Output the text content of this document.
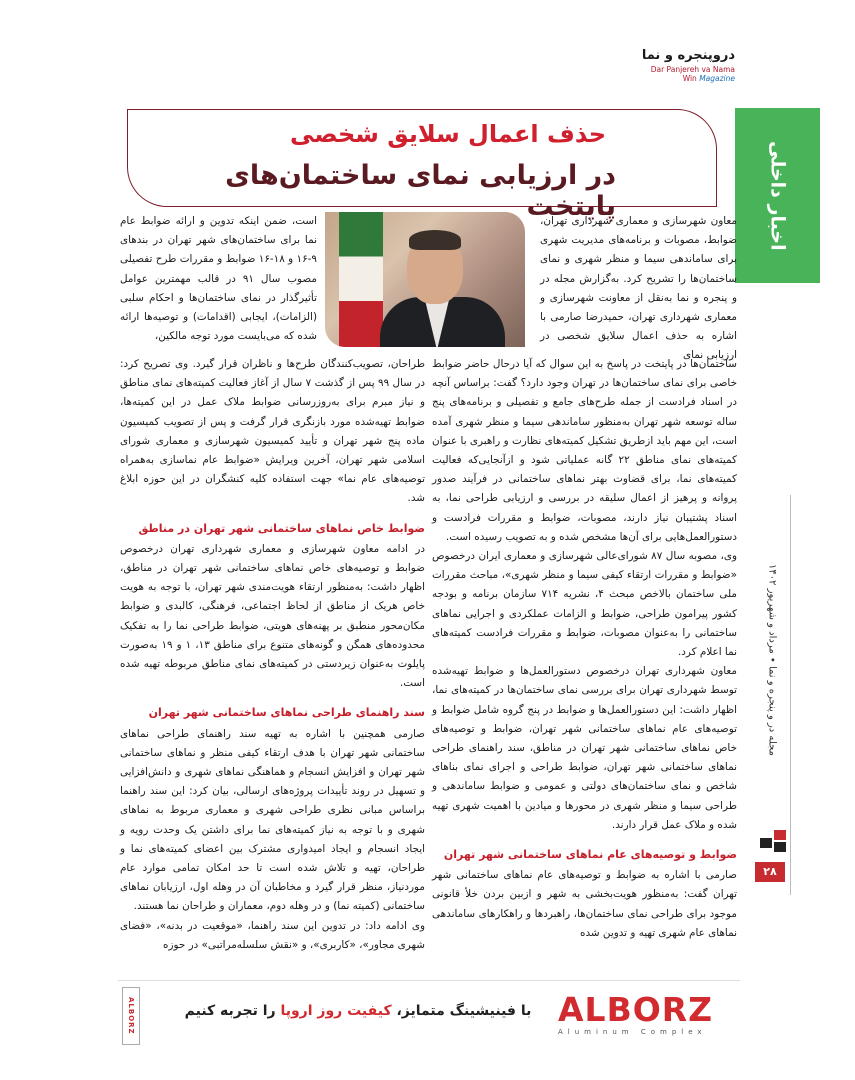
دروپنجره و نما
Dar Panjereh va Nama Win Magazine
اخبار داخلی
حذف اعمال سلایق شخصی
در ارزیابی نمای ساختمان‌های پایتخت

معاون شهرسازی و معماری شهرداری تهران، ضوابط، مصوبات و برنامه‌های مدیریت شهری برای ساماندهی سیما و منظر شهری و نمای ساختمان‌ها را تشریح کرد. به‌گزارش مجله در و پنجره و نما به‌نقل از معاونت شهرسازی و معماری شهرداری تهران، حمیدرضا صارمی با اشاره به حذف اعمال سلایق شخصی در ارزیابی نمای

ساختمان‌ها در پایتخت در پاسخ به این سوال که آیا درحال حاضر ضوابط خاصی برای نمای ساختمان‌ها در تهران وجود دارد؟ گفت: براساس آنچه در اسناد فرادست از جمله طرح‌های جامع و تفصیلی و برنامه‌های پنج ساله توسعه شهر تهران به‌منظور ساماندهی سیما و منظر شهری آمده است، این مهم باید ازطریق تشکیل کمیته‌های نظارت و راهبری با عنوان کمیته‌های نمای مناطق ۲۲ گانه عملیاتی شود و ازآنجایی‌که فعالیت کمیته‌های نما، برای قضاوت بهتر نماهای ساختمانی در فرآیند صدور پروانه و پرهیز از اعمال سلیقه در بررسی و ارزیابی طراحی نما، به اسناد پشتیبان نیاز دارند، مصوبات، ضوابط و مقررات فرادست و دستورالعمل‌هایی برای آن‌ها مشخص شده و به تصویب رسیده است.

وی، مصوبه سال ۸۷ شورای‌عالی شهرسازی و معماری ایران درخصوص «ضوابط و مقررات ارتقاء کیفی سیما و منظر شهری»، مباحث مقررات ملی ساختمان بالاخص مبحث ۴، نشریه ۷۱۴ سازمان برنامه و بودجه کشور پیرامون طراحی، ضوابط و الزامات عملکردی و اجرایی نماهای ساختمانی را به‌عنوان مصوبات، ضوابط و مقررات فرادست کمیته‌های نما اعلام کرد.

معاون شهرداری تهران درخصوص دستورالعمل‌ها و ضوابط تهیه‌شده توسط شهرداری تهران برای بررسی نمای ساختمان‌ها در کمیته‌های نما، اظهار داشت: این دستورالعمل‌ها و ضوابط در پنج گروه شامل ضوابط و توصیه‌های عام نماهای ساختمانی شهر تهران، ضوابط و توصیه‌های خاص نماهای ساختمانی شهر تهران در مناطق، سند راهنمای طراحی نماهای ساختمانی شهر تهران، ضوابط طراحی و اجرای نمای بناهای شاخص و نمای ساختمان‌های دولتی و عمومی و ضوابط ساماندهی و طراحی سیما و منظر شهری در محورها و میادین با اهمیت شهری تهیه شده و ملاک عمل قرار دارند.

ضوابط و توصیه‌های عام نماهای ساختمانی شهر تهران

صارمی با اشاره به ضوابط و توصیه‌های عام نماهای ساختمانی شهر تهران گفت: به‌منظور هویت‌بخشی به شهر و ازبین بردن خلأ قانونی موجود برای طراحی نمای ساختمان‌ها، راهبردها و راهکارهای ساماندهی نماهای عام شهری تهیه و تدوین شده

است، ضمن اینکه تدوین و ارائه ضوابط عام نما برای ساختمان‌های شهر تهران در بندهای ۹-۱۶ و ۱۸-۱۶ ضوابط و مقررات طرح تفصیلی مصوب سال ۹۱ در قالب مهمترین عوامل تأثیرگذار در نمای ساختمان‌ها و احکام سلبی (الزامات)، ایجابی (اقدامات) و توصیه‌ها ارائه شده که می‌بایست مورد توجه مالکین،

طراحان، تصویب‌کنندگان طرح‌ها و ناظران قرار گیرد. وی تصریح کرد: در سال ۹۹ پس از گذشت ۷ سال از آغاز فعالیت کمیته‌های نمای مناطق و نیاز مبرم برای به‌روزرسانی ضوابط ملاک عمل در این کمیته‌ها، ضوابط تهیه‌شده مورد بازنگری قرار گرفت و پس از تصویب کمیسیون ماده پنج شهر تهران و تأیید کمیسیون شهرسازی و معماری شورای اسلامی شهر تهران، آخرین ویرایش «ضوابط عام نماسازی به‌همراه توصیه‌های عام نما» جهت استفاده کلیه کنشگران در این حوزه ابلاغ شد.

ضوابط خاص نماهای ساختمانی شهر تهران در مناطق

در ادامه معاون شهرسازی و معماری شهرداری تهران درخصوص ضوابط و توصیه‌های خاص نماهای ساختمانی شهر تهران در مناطق، اظهار داشت: به‌منظور ارتقاء هویت‌مندی شهر تهران، با توجه به هویت خاص هریک از مناطق از لحاظ اجتماعی، فرهنگی، کالبدی و ضوابط مکان‌محور منطبق بر پهنه‌های هویتی، ضوابط طراحی نما را به تفکیک محدوده‌های همگن و گونه‌های متنوع برای مناطق ۱۳، ۱ و ۱۹ به‌صورت پایلوت به‌عنوان زیردستی در کمیته‌های نمای مناطق مربوطه تهیه شده است.

سند راهنمای طراحی نماهای ساختمانی شهر تهران

صارمی همچنین با اشاره به تهیه سند راهنمای طراحی نماهای ساختمانی شهر تهران با هدف ارتقاء کیفی منظر و نماهای ساختمانی شهر تهران و افزایش انسجام و هماهنگی نماهای شهری و دانش‌افزایی و تسهیل در روند تأییدات پروژه‌های ارسالی، بیان کرد: این سند راهنما براساس مبانی نظری طراحی شهری و معماری مربوط به نماهای شهری و با توجه به نیاز کمیته‌های نما برای داشتن یک وحدت رویه و ایجاد انسجام و ایجاد امیدواری مشترک بین اعضای کمیته‌های نما و طراحان، تهیه و تلاش شده است تا حد امکان تمامی موارد عام موردنیاز، منظر قرار گیرد و مخاطبان آن در وهله اول، ارزیابان نماهای ساختمانی (کمیته نما) و در وهله دوم، معماران و طراحان نما هستند.

وی ادامه داد: در تدوین این سند راهنما، «موقعیت در بدنه»، «فضای شهری مجاور»، «کاربری»، و «نقش سلسله‌مراتبی» در حوزه

مجله در و پنجره و نما • مرداد و شهریور ۱۴۰۲
۲۸
ALBORZ	با فینیشینگ متمایز، کیفیت روز اروپا را تجربه کنیم	ALBORZ
Aluminum Complex
